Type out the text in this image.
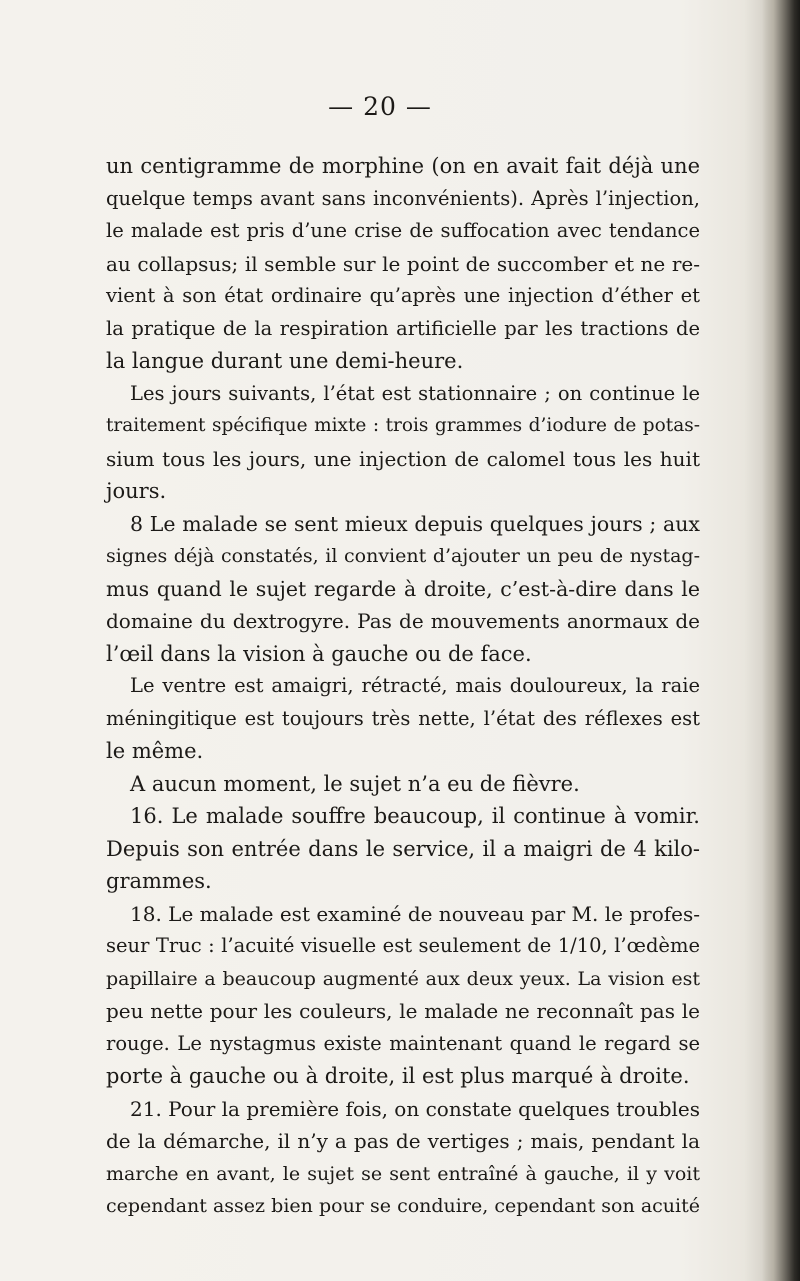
— 20 —
un centigramme de morphine (on en avait fait déjà une
quelque temps avant sans inconvénients). Après l’injection,
le malade est pris d’une crise de suffocation avec tendance
au collapsus; il semble sur le point de succomber et ne re-
vient à son état ordinaire qu’après une injection d’éther et
la pratique de la respiration artificielle par les tractions de
la langue durant une demi-heure.
Les jours suivants, l’état est stationnaire ; on continue le
traitement spécifique mixte : trois grammes d’iodure de potas-
sium tous les jours, une injection de calomel tous les huit
jours.
8 Le malade se sent mieux depuis quelques jours ; aux
signes déjà constatés, il convient d’ajouter un peu de nystag-
mus quand le sujet regarde à droite, c’est-à-dire dans le
domaine du dextrogyre. Pas de mouvements anormaux de
l’œil dans la vision à gauche ou de face.
Le ventre est amaigri, rétracté, mais douloureux, la raie
méningitique est toujours très nette, l’état des réflexes est
le même.
A aucun moment, le sujet n’a eu de fièvre.
16. Le malade souffre beaucoup, il continue à vomir.
Depuis son entrée dans le service, il a maigri de 4 kilo-
grammes.
18. Le malade est examiné de nouveau par M. le profes-
seur Truc : l’acuité visuelle est seulement de 1/10, l’œdème
papillaire a beaucoup augmenté aux deux yeux. La vision est
peu nette pour les couleurs, le malade ne reconnaît pas le
rouge. Le nystagmus existe maintenant quand le regard se
porte à gauche ou à droite, il est plus marqué à droite.
21. Pour la première fois, on constate quelques troubles
de la démarche, il n’y a pas de vertiges ; mais, pendant la
marche en avant, le sujet se sent entraîné à gauche, il y voit
cependant assez bien pour se conduire, cependant son acuité
